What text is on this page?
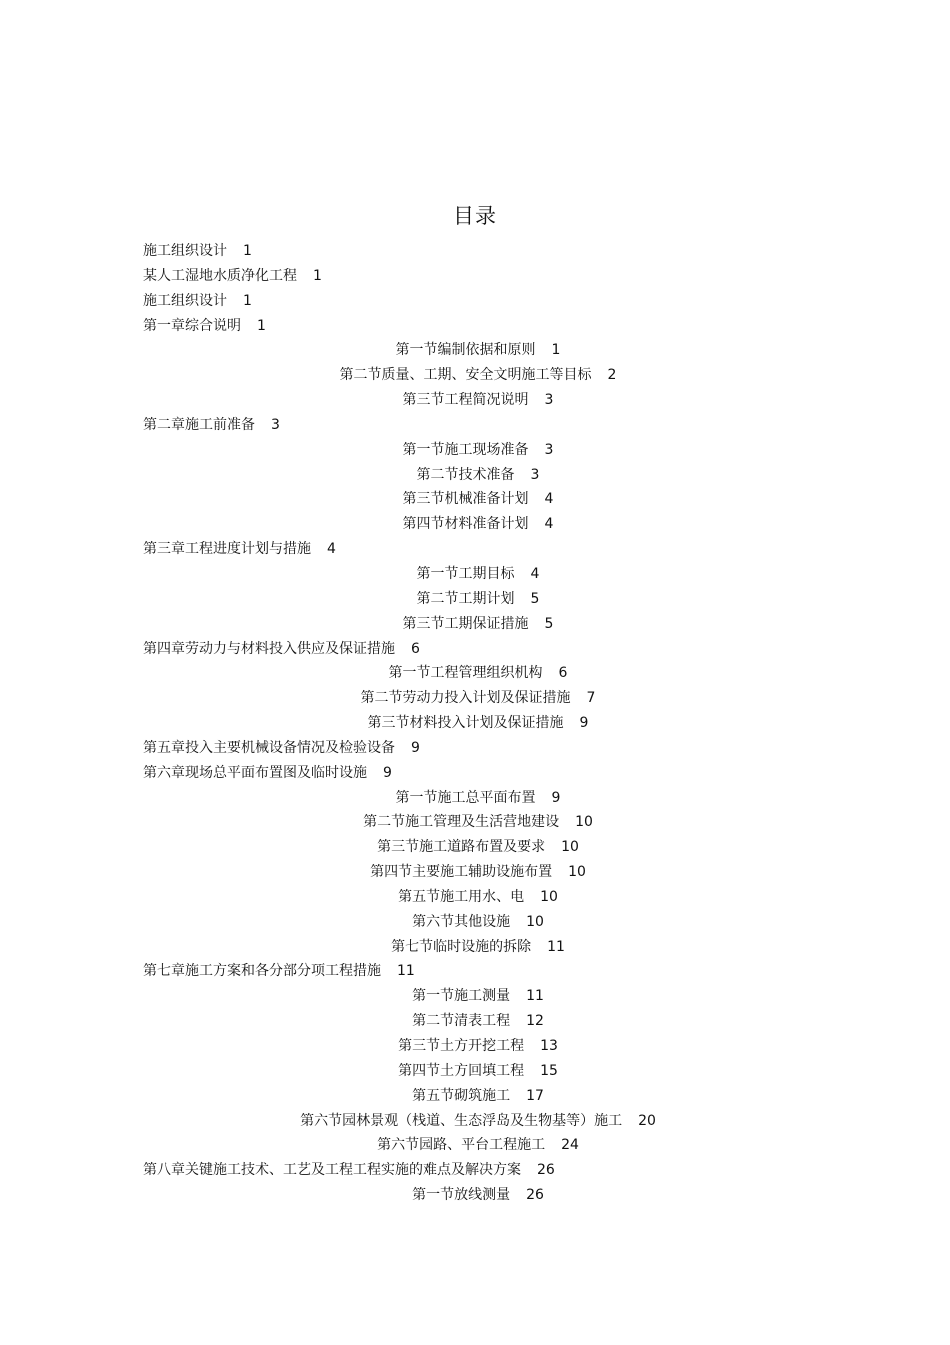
目录
施工组织设计 1
某人工湿地水质净化工程 1
施工组织设计 1
第一章综合说明 1
第一节编制依据和原则 1
第二节质量、工期、安全文明施工等目标 2
第三节工程简况说明 3
第二章施工前准备 3
第一节施工现场准备 3
第二节技术准备 3
第三节机械准备计划 4
第四节材料准备计划 4
第三章工程进度计划与措施 4
第一节工期目标 4
第二节工期计划 5
第三节工期保证措施 5
第四章劳动力与材料投入供应及保证措施 6
第一节工程管理组织机构 6
第二节劳动力投入计划及保证措施 7
第三节材料投入计划及保证措施 9
第五章投入主要机械设备情况及检验设备 9
第六章现场总平面布置图及临时设施 9
第一节施工总平面布置 9
第二节施工管理及生活营地建设 10
第三节施工道路布置及要求 10
第四节主要施工辅助设施布置 10
第五节施工用水、电 10
第六节其他设施 10
第七节临时设施的拆除 11
第七章施工方案和各分部分项工程措施 11
第一节施工测量 11
第二节清表工程 12
第三节土方开挖工程 13
第四节土方回填工程 15
第五节砌筑施工 17
第六节园林景观（栈道、生态浮岛及生物基等）施工 20
第六节园路、平台工程施工 24
第八章关键施工技术、工艺及工程工程实施的难点及解决方案 26
第一节放线测量 26
